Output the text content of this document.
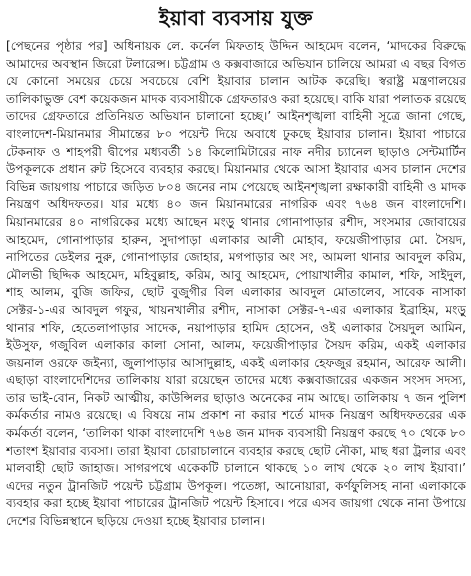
ইয়াবা ব্যবসায় যুক্ত

[পেছনের পৃষ্ঠার পর] অধিনায়ক লে. কর্নেল মিফতাহ উদ্দিন আহমেদ বলেন, ‘মাদকের বিরুদ্ধে আমাদের অবস্থান জিরো টলারেন্স। চট্টগ্রাম ও কক্সবাজারে অভিযান চালিয়ে আমরা এ বছর বিগত যে কোনো সময়ের চেয়ে সবচেয়ে বেশি ইয়াবার চালান আটক করেছি। স্বরাষ্ট্র মন্ত্রণালয়ের তালিকাভুক্ত বেশ কয়েকজন মাদক ব্যবসায়ীকে গ্রেফতারও করা হয়েছে। বাকি যারা পলাতক রয়েছে তাদের গ্রেফতারে প্রতিনিয়ত অভিযান চালানো হচ্ছে।’ আইনশৃঙ্খলা বাহিনী সূত্রে জানা গেছে, বাংলাদেশ-মিয়ানমার সীমান্তের ৮০ পয়েন্ট দিয়ে অবাধে ঢুকছে ইয়াবার চালান। ইয়াবা পাচারে টেকনাফ ও শাহপরী দ্বীপের মধ্যবর্তী ১৪ কিলোমিটারের নাফ নদীর চ্যানেল ছাড়াও সেন্টমার্টিন উপকূলকে প্রধান রুট হিসেবে ব্যবহার করছে। মিয়ানমার থেকে আসা ইয়াবার এসব চালান দেশের বিভিন্ন জায়গায় পাচারে জড়িত ৮০৪ জনের নাম পেয়েছে আইনশৃঙ্খলা রক্ষাকারী বাহিনী ও মাদক নিয়ন্ত্রণ অধিদফতর। যার মধ্যে ৪০ জন মিয়ানমারের নাগরিক এবং ৭৬৪ জন বাংলাদেশি। মিয়ানমারের ৪০ নাগরিকের মধ্যে আছেন মংড়ু থানার গোনাপাড়ার রশীদ, সংসমার জোবায়ের আহমেদ, গোনাপাড়ার হারুন, সুদাপাড়া এলাকার আলী মোহাব, ফয়েজীপাড়ার মো. সৈয়দ, নাপিতের ডেইলর নুরু, গোনাপাড়ার জোহার, মগপাড়ার অং সং, আমলা থানার আবদুল করিম, মৌলভী ছিদ্দিক আহমেদ, মহিবুল্লাহ, করিম, আবু আহমেদ, পোয়াখালীর কামাল, শফি, সাইদুল, শাহ আলম, বুজি জফির, ছোট বুজুগীর বিল এলাকার আবদুল মোতালেব, সাবেক নাসাকা সেক্টর-১-এর আবদুল গফুর, খায়নখালীর রশীদ, নাসাকা সেক্টর-৭-এর এলাকার ইব্রাহিম, মংড়ু থানার শফি, হেতেলাপাড়ার সাদেক, নয়াপাড়ার হামিদ হোসেন, ওই এলাকার সৈয়দুল আমিন, ইউসুফ, গজুবিল এলাকার কালা সোনা, আলম, ফয়েজীপাড়ার সৈয়দ করিম, একই এলাকার জয়নাল ওরফে জইন্যা, জুলাপাড়ার আসাদুল্লাহ, একই এলাকার হেফজুর রহমান, আরেফ আলী। এছাড়া বাংলাদেশিদের তালিকায় যারা রয়েছেন তাদের মধ্যে কক্সবাজারের একজন সংসদ সদস্য, তার ভাই-বোন, নিকট আত্মীয়, কাউন্সিলর ছাড়াও অনেকের নাম আছে। তালিকায় ৭ জন পুলিশ কর্মকর্তার নামও রয়েছে। এ বিষয়ে নাম প্রকাশ না করার শর্তে মাদক নিয়ন্ত্রণ অধিদফতরের এক কর্মকর্তা বলেন, ‘তালিকা থাকা বাংলাদেশি ৭৬৪ জন মাদক ব্যবসায়ী নিয়ন্ত্রণ করছে ৭০ থেকে ৮০ শতাংশ ইয়াবার ব্যবসা। তারা ইয়াবা চোরাচালানে ব্যবহার করছে ছোট নৌকা, মাছ ধরা ট্রলার এবং মালবাহী ছোট জাহাজ। সাগরপথে একেকটি চালানে থাকছে ১০ লাখ থেকে ২০ লাখ ইয়াবা।’ এদের নতুন ট্রানজিট পয়েন্ট চট্টগ্রাম উপকূল। পতেঙ্গা, আনোয়ারা, কর্ণফুলিসহ নানা এলাকাকে ব্যবহার করা হচ্ছে ইয়াবা পাচারের ট্রানজিট পয়েন্ট হিসাবে। পরে এসব জায়গা থেকে নানা উপায়ে দেশের বিভিন্নস্থানে ছড়িয়ে দেওয়া হচ্ছে ইয়াবার চালান।
